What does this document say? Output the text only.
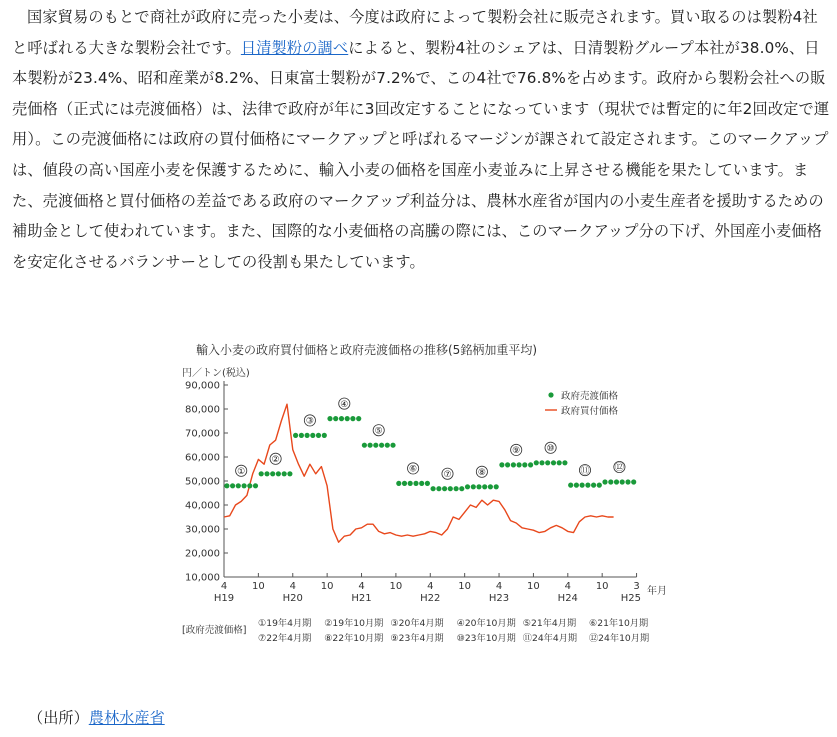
国家貿易のもとで商社が政府に売った小麦は、今度は政府によって製粉会社に販売されます。買い取るのは製粉4社と呼ばれる大きな製粉会社です。日清製粉の調べによると、製粉4社のシェアは、日清製粉グループ本社が38.0%、日本製粉が23.4%、昭和産業が8.2%、日東富士製粉が7.2%で、この4社で76.8%を占めます。政府から製粉会社への販売価格（正式には売渡価格）は、法律で政府が年に3回改定することになっています（現状では暫定的に年2回改定で運用）。この売渡価格には政府の買付価格にマークアップと呼ばれるマージンが課されて設定されます。このマークアップは、値段の高い国産小麦を保護するために、輸入小麦の価格を国産小麦並みに上昇させる機能を果たしています。また、売渡価格と買付価格の差益である政府のマークアップ利益分は、農林水産省が国内の小麦生産者を援助するための補助金として使われています。また、国際的な小麦価格の高騰の際には、このマークアップ分の下げ、外国産小麦価格を安定化させるバランサーとしての役割も果たしています。

輸入小麦の政府買付価格と政府売渡価格の推移(5銘柄加重平均)
円／トン(税込)
年月
10,000
20,000
30,000
40,000
50,000
60,000
70,000
80,000
90,000
4 10 4 10 4 10 4 10 4 10 4 10 3
H19	H20	H21	H22	H23	H24	H25
①
②
③
④
⑤
⑥
⑦	⑧
⑨	⑩
⑪	⑫
政府売渡価格
政府買付価格
[政府売渡価格]
①19年4月期 ②19年10月期 ③20年4月期 ④20年10月期 ⑤21年4月期 ⑥21年10月期
⑦22年4月期 ⑧22年10月期 ⑨23年4月期 ⑩23年10月期 ⑪24年4月期 ⑫24年10月期
（出所）農林水産省
